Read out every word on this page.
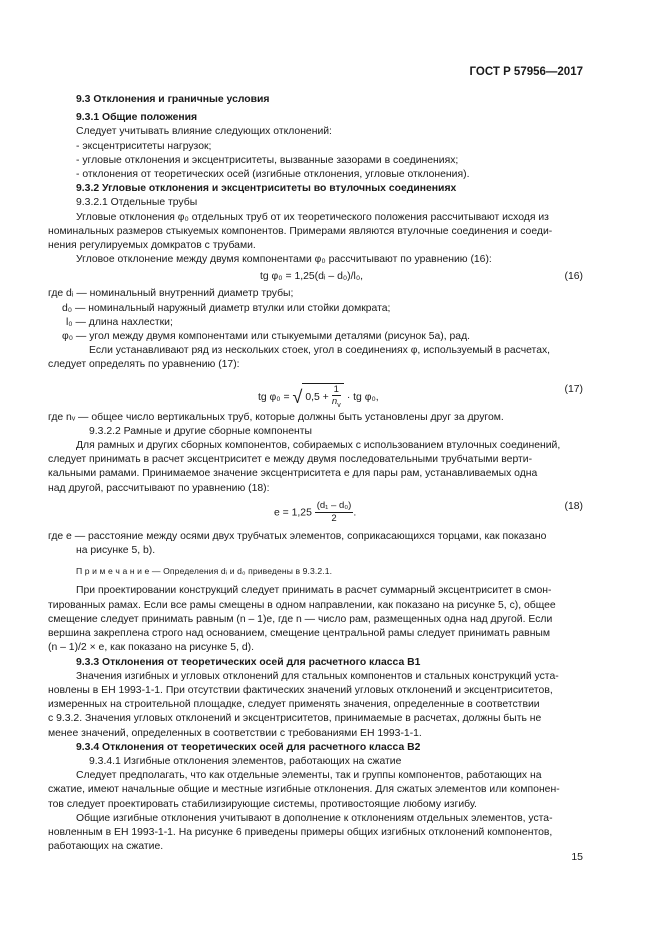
ГОСТ Р 57956—2017
9.3 Отклонения и граничные условия
9.3.1 Общие положения
Следует учитывать влияние следующих отклонений:
- эксцентриситеты нагрузок;
- угловые отклонения и эксцентриситеты, вызванные зазорами в соединениях;
- отклонения от теоретических осей (изгибные отклонения, угловые отклонения).
9.3.2 Угловые отклонения и эксцентриситеты во втулочных соединениях
9.3.2.1 Отдельные трубы
Угловые отклонения φ₀ отдельных труб от их теоретического положения рассчитывают исходя из
номинальных размеров стыкуемых компонентов. Примерами являются втулочные соединения и соеди-
нения регулируемых домкратов с трубами.
Угловое отклонение между двумя компонентами φ₀ рассчитывают по уравнению (16):
tg φ₀ = 1,25(dᵢ – d₀)/l₀,	(16)
где dᵢ — номинальный внутренний диаметр трубы;
d₀ — номинальный наружный диаметр втулки или стойки домкрата;
l₀ — длина нахлестки;
φ₀ — угол между двумя компонентами или стыкуемыми деталями (рисунок 5а), рад.
Если устанавливают ряд из нескольких стоек, угол в соединениях φ, используемый в расчетах,
следует определять по уравнению (17):
tg φ₀ = √ $0,5 + \frac{1}{n_v}$ · tg φ₀,
(17)
где nᵥ — общее число вертикальных труб, которые должны быть установлены друг за другом.
9.3.2.2 Рамные и другие сборные компоненты
Для рамных и других сборных компонентов, собираемых с использованием втулочных соединений,
следует принимать в расчет эксцентриситет e между двумя последовательными трубчатыми верти-
кальными рамами. Принимаемое значение эксцентриситета e для пары рам, устанавливаемых одна
над другой, рассчитывают по уравнению (18):
$e = 1,25 \frac{\text{(d₁ – d₀)}}{2}$ .
(18)
где e — расстояние между осями двух трубчатых элементов, соприкасающихся торцами, как показано
на рисунке 5, b).
П р и м е ч а н и е — Определения dᵢ и d₀ приведены в 9.3.2.1.
При проектировании конструкций следует принимать в расчет суммарный эксцентриситет в смон-
тированных рамах. Если все рамы смещены в одном направлении, как показано на рисунке 5, c), общее
смещение следует принимать равным (n – 1)e, где n — число рам, размещенных одна над другой. Если
вершина закреплена строго над основанием, смещение центральной рамы следует принимать равным
(n – 1)/2 × e, как показано на рисунке 5, d).
9.3.3 Отклонения от теоретических осей для расчетного класса В1
Значения изгибных и угловых отклонений для стальных компонентов и стальных конструкций уста-
новлены в ЕН 1993-1-1. При отсутствии фактических значений угловых отклонений и эксцентриситетов,
измеренных на строительной площадке, следует применять значения, определенные в соответствии
с 9.3.2. Значения угловых отклонений и эксцентриситетов, принимаемые в расчетах, должны быть не
менее значений, определенных в соответствии с требованиями ЕН 1993-1-1.
9.3.4 Отклонения от теоретических осей для расчетного класса В2
9.3.4.1 Изгибные отклонения элементов, работающих на сжатие
Следует предполагать, что как отдельные элементы, так и группы компонентов, работающих на
сжатие, имеют начальные общие и местные изгибные отклонения. Для сжатых элементов или компонен-
тов следует проектировать стабилизирующие системы, противостоящие любому изгибу.
Общие изгибные отклонения учитывают в дополнение к отклонениям отдельных элементов, уста-
новленным в ЕН 1993-1-1. На рисунке 6 приведены примеры общих изгибных отклонений компонентов,
работающих на сжатие.
15
